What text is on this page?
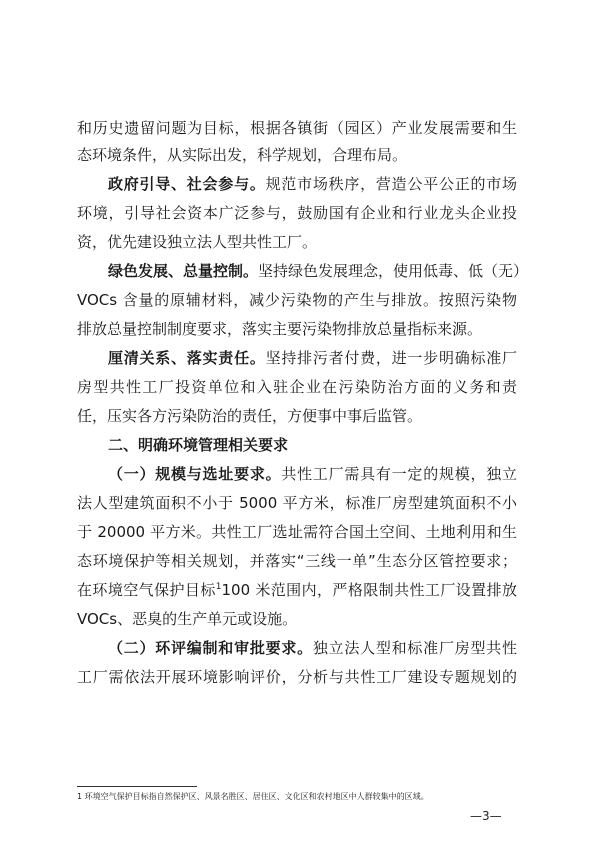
和历史遗留问题为目标，根据各镇街（园区）产业发展需要和生
态环境条件，从实际出发，科学规划，合理布局。
政府引导、社会参与。规范市场秩序，营造公平公正的市场
环境，引导社会资本广泛参与，鼓励国有企业和行业龙头企业投
资，优先建设独立法人型共性工厂。
绿色发展、总量控制。坚持绿色发展理念，使用低毒、低（无）
VOCs 含量的原辅材料，减少污染物的产生与排放。按照污染物
排放总量控制制度要求，落实主要污染物排放总量指标来源。
厘清关系、落实责任。坚持排污者付费，进一步明确标准厂
房型共性工厂投资单位和入驻企业在污染防治方面的义务和责
任，压实各方污染防治的责任，方便事中事后监管。
二、明确环境管理相关要求
（一）规模与选址要求。共性工厂需具有一定的规模，独立
法人型建筑面积不小于 5000 平方米，标准厂房型建筑面积不小
于 20000 平方米。共性工厂选址需符合国土空间、土地利用和生
态环境保护等相关规划，并落实“三线一单”生态分区管控要求；
在环境空气保护目标$^1$100 米范围内，严格限制共性工厂设置排放
VOCs、恶臭的生产单元或设施。
（二）环评编制和审批要求。独立法人型和标准厂房型共性
工厂需依法开展环境影响评价，分析与共性工厂建设专题规划的
1 环境空气保护目标指自然保护区、风景名胜区、居住区、文化区和农村地区中人群较集中的区域。
—3—
